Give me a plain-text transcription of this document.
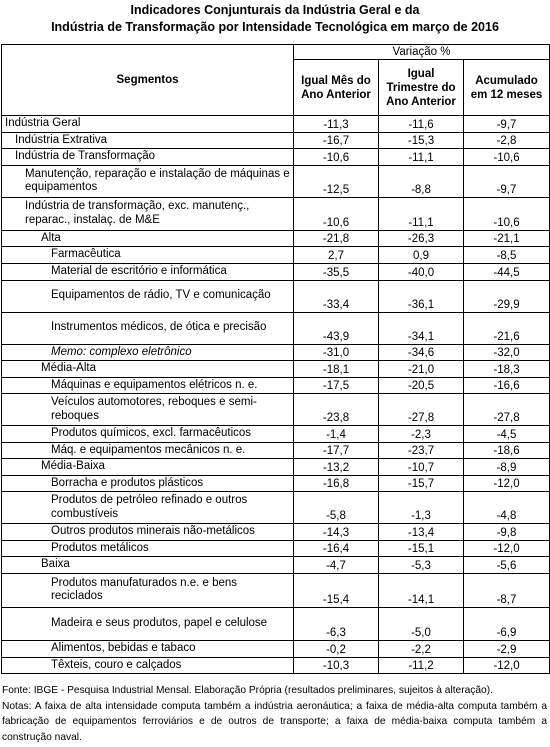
Indicadores Conjunturais da Indústria Geral e da
Indústria de Transformação por Intensidade Tecnológica em março de 2016
Segmentos	Variação %		
	Igual Mês do Ano Anterior	Igual Trimestre do Ano Anterior	Acumulado em 12 meses
Indústria Geral	-11,3	-11,6	-9,7
Indústria Extrativa	-16,7	-15,3	-2,8
Indústria de Transformação	-10,6	-11,1	-10,6
Manutenção, reparação e instalação de máquinas e equipamentos	-12,5	-8,8	-9,7
Indústria de transformação, exc. manutenç., reparac., instalaç. de M&E	-10,6	-11,1	-10,6
Alta	-21,8	-26,3	-21,1
Farmacêutica	2,7	0,9	-8,5
Material de escritório e informática	-35,5	-40,0	-44,5
Equipamentos de rádio, TV e comunicação	-33,4	-36,1	-29,9
Instrumentos médicos, de ótica e precisão	-43,9	-34,1	-21,6
Memo: complexo eletrônico	-31,0	-34,6	-32,0
Média-Alta	-18,1	-21,0	-18,3
Máquinas e equipamentos elétricos n. e.	-17,5	-20,5	-16,6
Veículos automotores, reboques e semi-reboques	-23,8	-27,8	-27,8
Produtos químicos, excl. farmacêuticos	-1,4	-2,3	-4,5
Máq. e equipamentos mecânicos n. e.	-17,7	-23,7	-18,6
Média-Baixa	-13,2	-10,7	-8,9
Borracha e produtos plásticos	-16,8	-15,7	-12,0
Produtos de petróleo refinado e outros combustíveis	-5,8	-1,3	-4,8
Outros produtos minerais não-metálicos	-14,3	-13,4	-9,8
Produtos metálicos	-16,4	-15,1	-12,0
Baixa	-4,7	-5,3	-5,6
Produtos manufaturados n.e. e bens reciclados	-15,4	-14,1	-8,7
Madeira e seus produtos, papel e celulose	-6,3	-5,0	-6,9
Alimentos, bebidas e tabaco	-0,2	-2,2	-2,9
Têxteis, couro e calçados	-10,3	-11,2	-12,0
Fonte: IBGE - Pesquisa Industrial Mensal. Elaboração Própria (resultados preliminares, sujeitos à alteração).
Notas: A faixa de alta intensidade computa também a indústria aeronáutica; a faixa de média-alta computa também a fabricação de equipamentos ferroviários e de outros de transporte; a faixa de média-baixa computa também a construção naval.
